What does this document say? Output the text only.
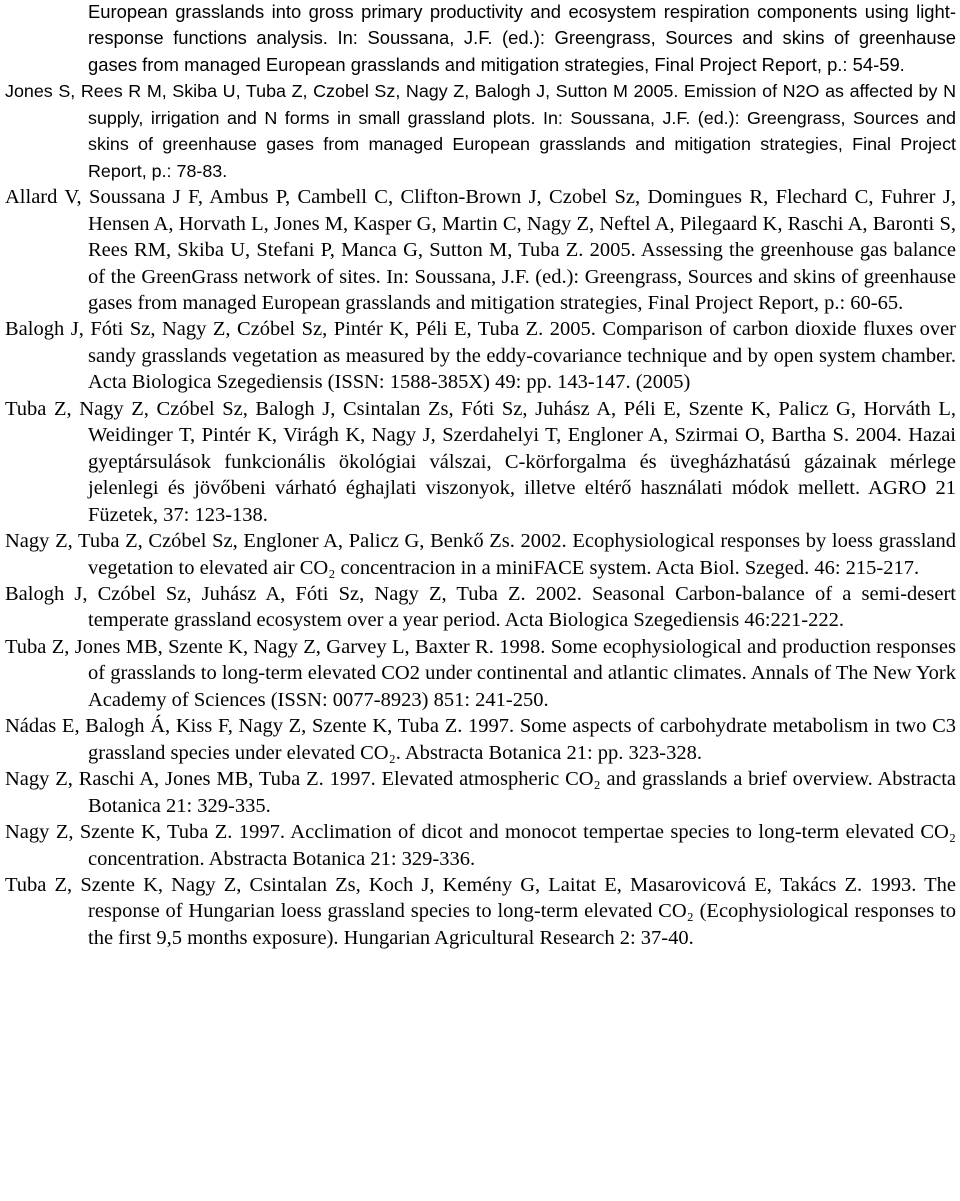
European grasslands into gross primary productivity and ecosystem respiration components using light-response functions analysis. In: Soussana, J.F. (ed.): Greengrass, Sources and skins of greenhause gases from managed European grasslands and mitigation strategies, Final Project Report, p.: 54-59.

Jones S, Rees R M, Skiba U, Tuba Z, Czobel Sz, Nagy Z, Balogh J, Sutton M 2005. Emission of N2O as affected by N supply, irrigation and N forms in small grassland plots. In: Soussana, J.F. (ed.): Greengrass, Sources and skins of greenhause gases from managed European grasslands and mitigation strategies, Final Project Report, p.: 78-83.

Allard V, Soussana J F, Ambus P, Cambell C, Clifton-Brown J, Czobel Sz, Domingues R, Flechard C, Fuhrer J, Hensen A, Horvath L, Jones M, Kasper G, Martin C, Nagy Z, Neftel A, Pilegaard K, Raschi A, Baronti S, Rees RM, Skiba U, Stefani P, Manca G, Sutton M, Tuba Z. 2005. Assessing the greenhouse gas balance of the GreenGrass network of sites. In: Soussana, J.F. (ed.): Greengrass, Sources and skins of greenhause gases from managed European grasslands and mitigation strategies, Final Project Report, p.: 60-65.

Balogh J, Fóti Sz, Nagy Z, Czóbel Sz, Pintér K, Péli E, Tuba Z. 2005. Comparison of carbon dioxide fluxes over sandy grasslands vegetation as measured by the eddy-covariance technique and by open system chamber. Acta Biologica Szegediensis (ISSN: 1588-385X) 49: pp. 143-147. (2005)

Tuba Z, Nagy Z, Czóbel Sz, Balogh J, Csintalan Zs, Fóti Sz, Juhász A, Péli E, Szente K, Palicz G, Horváth L, Weidinger T, Pintér K, Virágh K, Nagy J, Szerdahelyi T, Engloner A, Szirmai O, Bartha S. 2004. Hazai gyeptársulások funkcionális ökológiai válszai, C-körforgalma és üvegházhatású gázainak mérlege jelenlegi és jövőbeni várható éghajlati viszonyok, illetve eltérő használati módok mellett. AGRO 21 Füzetek, 37: 123-138.

Nagy Z, Tuba Z, Czóbel Sz, Engloner A, Palicz G, Benkő Zs. 2002. Ecophysiological responses by loess grassland vegetation to elevated air CO₂ concentracion in a miniFACE system. Acta Biol. Szeged. 46: 215-217.

Balogh J, Czóbel Sz, Juhász A, Fóti Sz, Nagy Z, Tuba Z. 2002. Seasonal Carbon-balance of a semi-desert temperate grassland ecosystem over a year period. Acta Biologica Szegediensis 46:221-222.

Tuba Z, Jones MB, Szente K, Nagy Z, Garvey L, Baxter R. 1998. Some ecophysiological and production responses of grasslands to long-term elevated CO2 under continental and atlantic climates. Annals of The New York Academy of Sciences (ISSN: 0077-8923) 851: 241-250.

Nádas E, Balogh Á, Kiss F, Nagy Z, Szente K, Tuba Z. 1997. Some aspects of carbohydrate metabolism in two C3 grassland species under elevated CO₂. Abstracta Botanica 21: pp. 323-328.

Nagy Z, Raschi A, Jones MB, Tuba Z. 1997. Elevated atmospheric CO₂ and grasslands a brief overview. Abstracta Botanica 21: 329-335.

Nagy Z, Szente K, Tuba Z. 1997. Acclimation of dicot and monocot tempertae species to long-term elevated CO₂ concentration. Abstracta Botanica 21: 329-336.

Tuba Z, Szente K, Nagy Z, Csintalan Zs, Koch J, Kemény G, Laitat E, Masarovicová E, Takács Z. 1993. The response of Hungarian loess grassland species to long-term elevated CO₂ (Ecophysiological responses to the first 9,5 months exposure). Hungarian Agricultural Research 2: 37-40.
